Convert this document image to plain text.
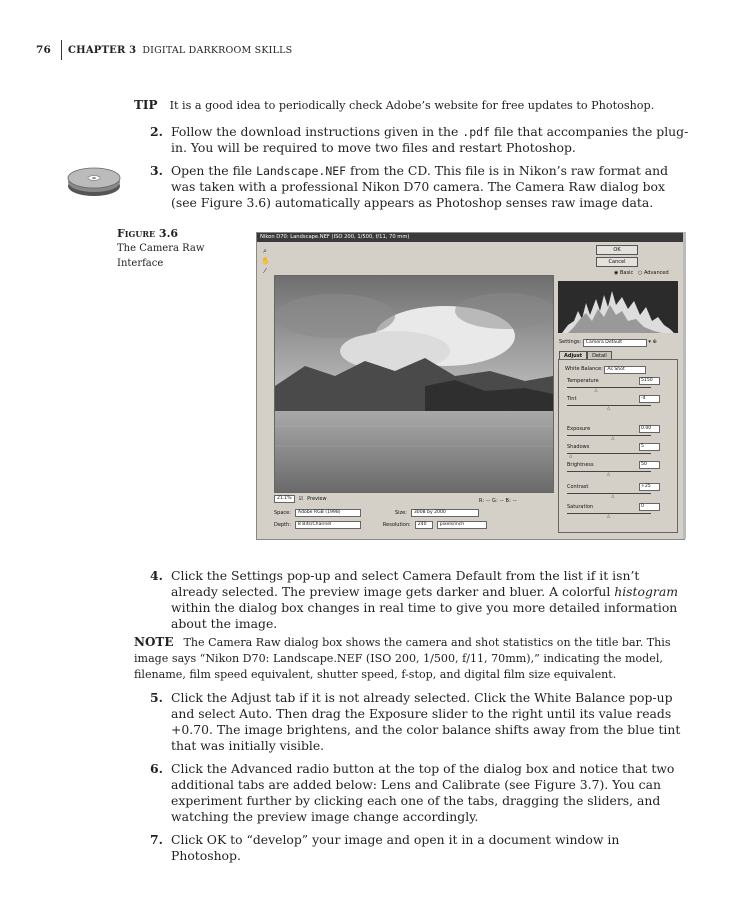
76 CHAPTER 3 DIGITAL DARKROOM SKILLS
TIP It is a good idea to periodically check Adobe’s website for free updates to Photoshop.
2. Follow the download instructions given in the .pdf file that accompanies the plug-in. You will be required to move two files and restart Photoshop.
3. Open the file Landscape.NEF from the CD. This file is in Nikon’s raw format and was taken with a professional Nikon D70 camera. The Camera Raw dialog box (see Figure 3.6) automatically appears as Photoshop senses raw image data.
Figure 3.6
The Camera Raw Interface
Nikon D70: Landscape.NEF (ISO 200, 1/500, f/11, 70 mm)
⌕
✋
⁄
21.1%	☑ Preview	R: -- G: -- B: --
Space:	Adobe RGB (1998)	Size:	3008 by 2000
Depth:	8 Bits/Channel	Resolution:	240	pixels/inch
OK
Cancel
◉ Basic ○ Advanced
Settings: Camera Default	▾ ⊕
Adjust	Detail
White Balance: As Shot
Temperature	5150
△
Tint	-4
△
Exposure	0.00
△
Shadows	5
△
Brightness	50
△
Contrast	+25
△
Saturation	0
△
4. Click the Settings pop-up and select Camera Default from the list if it isn’t already selected. The preview image gets darker and bluer. A colorful histogram within the dialog box changes in real time to give you more detailed information about the image.
NOTE The Camera Raw dialog box shows the camera and shot statistics on the title bar. This image says “Nikon D70: Landscape.NEF (ISO 200, 1/500, f/11, 70mm),” indicating the model, filename, film speed equivalent, shutter speed, f-stop, and digital film size equivalent.
5. Click the Adjust tab if it is not already selected. Click the White Balance pop-up and select Auto. Then drag the Exposure slider to the right until its value reads +0.70. The image brightens, and the color balance shifts away from the blue tint that was initially visible.
6. Click the Advanced radio button at the top of the dialog box and notice that two additional tabs are added below: Lens and Calibrate (see Figure 3.7). You can experiment further by clicking each one of the tabs, dragging the sliders, and watching the preview image change accordingly.
7. Click OK to “develop” your image and open it in a document window in Photoshop.
